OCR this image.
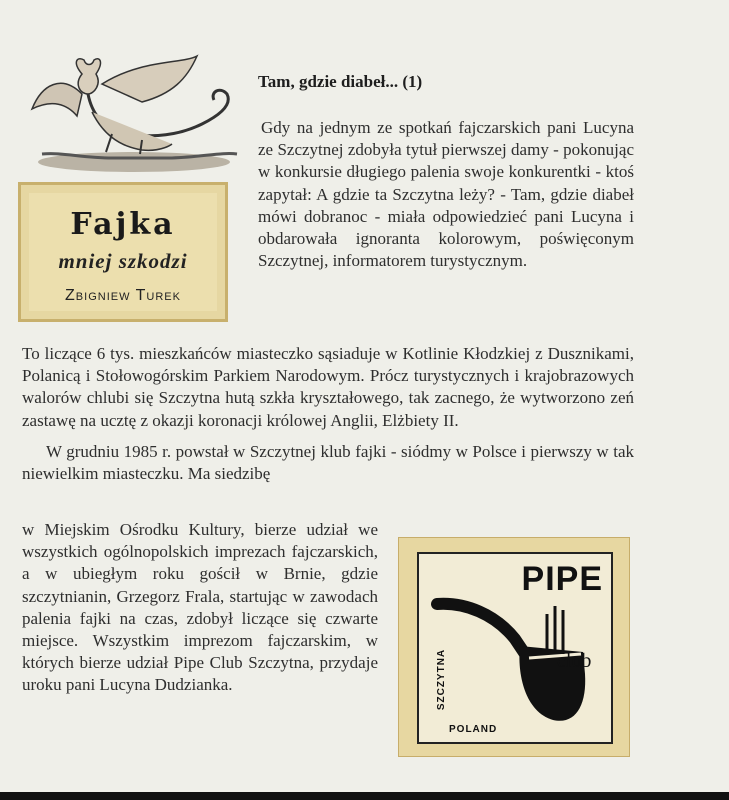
Fajka
mniej szkodzi
Zbigniew Turek
Tam, gdzie diabeł... (1)
Gdy na jednym ze spotkań fajczarskich pani Lucyna ze Szczytnej zdobyła tytuł pierwszej damy - pokonując w konkursie długiego palenia swoje konkurentki - ktoś zapytał: A gdzie ta Szczytna leży? - Tam, gdzie diabeł mówi dobranoc - miała odpowiedzieć pani Lucyna i obdarowała ignoranta kolorowym, poświęconym Szczytnej, informatorem turystycznym.
To liczące 6 tys. mieszkańców miasteczko sąsiaduje w Kotlinie Kłodzkiej z Dusznikami, Polanicą i Stołowogórskim Parkiem Narodowym. Prócz turystycznych i krajobrazowych walorów chlubi się Szczytna hutą szkła kryształowego, tak zacnego, że wytworzono zeń zastawę na ucztę z okazji koronacji królowej Anglii, Elżbiety II.
W grudniu 1985 r. powstał w Szczytnej klub fajki - siódmy w Polsce i pierwszy w tak niewielkim miasteczku. Ma siedzibę
w Miejskim Ośrodku Kultury, bierze udział we wszystkich ogólnopolskich imprezach fajczarskich, a w ubiegłym roku gościł w Brnie, gdzie szczytnianin, Grzegorz Frala, startując w zawodach palenia fajki na czas, zdobył liczące się czwarte miejsce. Wszystkim imprezom fajczarskim, w których bierze udział Pipe Club Szczytna, przydaje uroku pani Lucyna Dudzianka.
PIPE
club
SZCZYTNA
POLAND
